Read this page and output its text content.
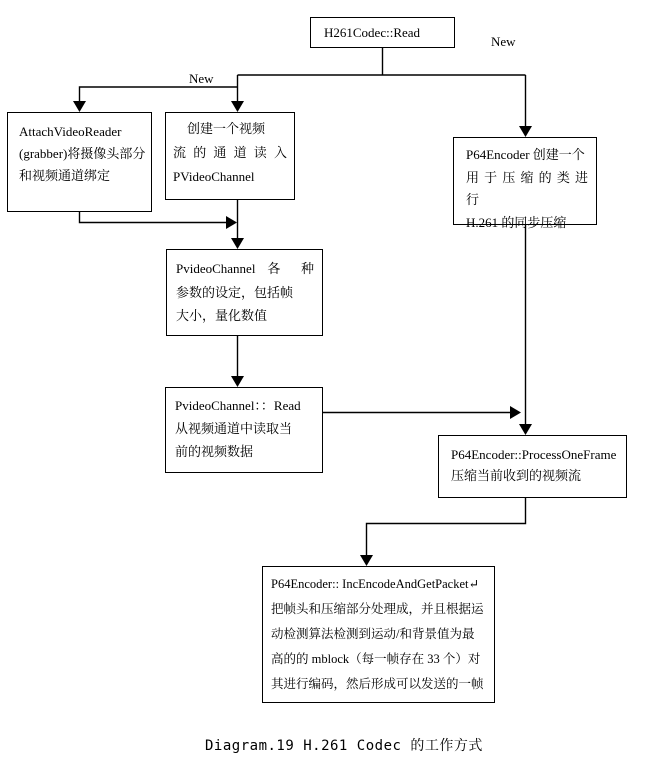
H261Codec::Read
AttachVideoReader
(grabber)将摄像头部分
和视频通道绑定
创建一个视频
流 的 通 道 读 入
PVideoChannel
P64Encoder 创建一个
用 于 压 缩 的 类 进 行
H.261 的同步压缩
PvideoChannel 各 种
参数的设定，包括帧
大小，量化数值
PvideoChannel：：Read
从视频通道中读取当
前的视频数据	P64Encoder::ProcessOneFrame
压缩当前收到的视频流
P64Encoder:: IncEncodeAndGetPacket↵
把帧头和压缩部分处理成，并且根据运
动检测算法检测到运动/和背景值为最
高的的 mblock（每一帧存在 33 个）对
其进行编码，然后形成可以发送的一帧
New
New
Diagram.19 H.261 Codec 的工作方式
